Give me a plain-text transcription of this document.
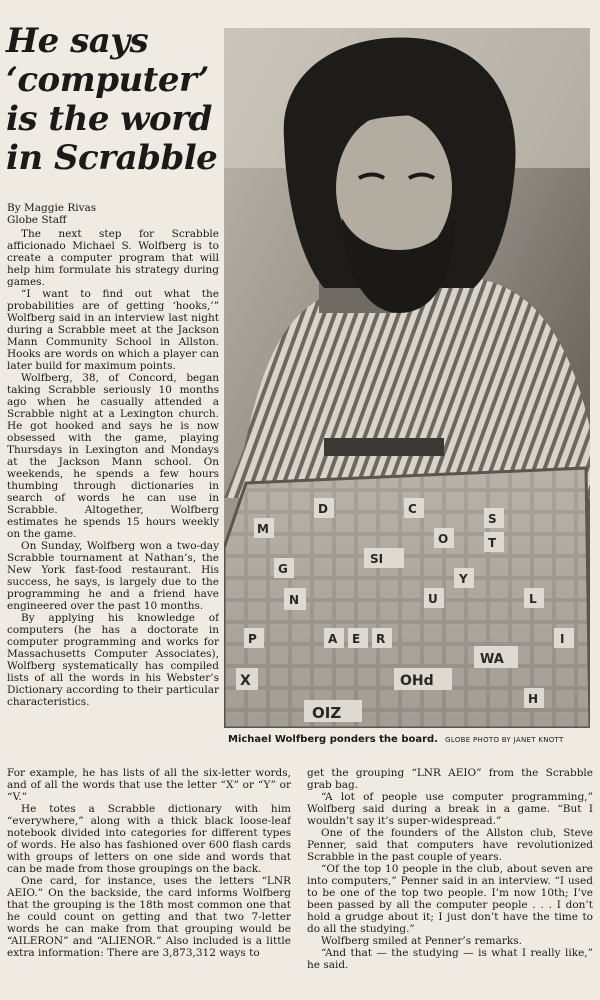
He says
‘computer’
is the word
in Scrabble
By Maggie Rivas
Globe Staff

The next step for Scrabble afficionado Michael S. Wolfberg is to create a computer program that will help him formulate his strategy during games.

“I want to find out what the probabilities are of getting ‘hooks,’” Wolfberg said in an interview last night during a Scrabble meet at the Jackson Mann Community School in Allston. Hooks are words on which a player can later build for maximum points.

Wolfberg, 38, of Concord, began taking Scrabble seriously 10 months ago when he casually attended a Scrabble night at a Lexington church. He got hooked and says he is now obsessed with the game, playing Thursdays in Lexington and Mondays at the Jackson Mann school. On weekends, he spends a few hours thumbing through dictionaries in search of words he can use in Scrabble. Altogether, Wolfberg estimates he spends 15 hours weekly on the game.

On Sunday, Wolfberg won a two-day Scrabble tournament at Nathan’s, the New York fast-food restaurant. His success, he says, is largely due to the programming he and a friend have engineered over the past 10 months.

By applying his knowledge of computers (he has a doctorate in computer programming and works for Massachusetts Computer Associates), Wolfberg systematically has compiled lists of all the words in his Webster’s Dictionary according to their particular characteristics.

OIZ
X	OHd
WA
N
SI
O
L
A E R
S
T
M
I
U
D
P
C
H
Y
G
Michael Wolfberg ponders the board. GLOBE PHOTO BY JANET KNOTT

For example, he has lists of all the six-letter words, and of all the words that use the letter “X” or “Y” or “V.”

He totes a Scrabble dictionary with him “everywhere,” along with a thick black loose-leaf notebook divided into categories for different types of words. He also has fashioned over 600 flash cards with groups of letters on one side and words that can be made from those groupings on the back.

One card, for instance, uses the letters “LNR AEIO.” On the backside, the card informs Wolfberg that the grouping is the 18th most common one that he could count on getting and that two 7-letter words he can make from that grouping would be “AILERON” and “ALIENOR.” Also included is a little extra information: There are 3,873,312 ways to

get the grouping “LNR AEIO” from the Scrabble grab bag.

“A lot of people use computer programming,” Wolfberg said during a break in a game. “But I wouldn’t say it’s super-widespread.”

One of the founders of the Allston club, Steve Penner, said that computers have revolutionized Scrabble in the past couple of years.

“Of the top 10 people in the club, about seven are into computers,” Penner said in an interview. “I used to be one of the top two people. I’m now 10th; I’ve been passed by all the computer people . . . I don’t hold a grudge about it; I just don’t have the time to do all the studying.”

Wolfberg smiled at Penner’s remarks.

“And that — the studying — is what I really like,” he said.
